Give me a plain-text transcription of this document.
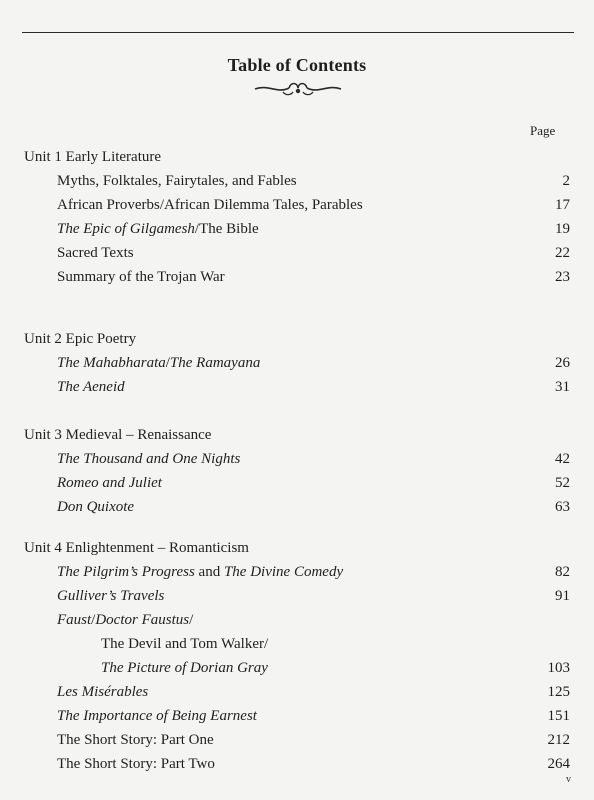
Table of Contents
Page
Unit 1 Early Literature
Myths, Folktales, Fairytales, and Fables	2
African Proverbs/African Dilemma Tales, Parables	17
The Epic of Gilgamesh/The Bible	19
Sacred Texts	22
Summary of the Trojan War	23
Unit 2 Epic Poetry
The Mahabharata/The Ramayana	26
The Aeneid	31
Unit 3 Medieval – Renaissance
The Thousand and One Nights	42
Romeo and Juliet	52
Don Quixote	63
Unit 4 Enlightenment – Romanticism
The Pilgrim’s Progress and The Divine Comedy	82
Gulliver’s Travels	91
Faust/Doctor Faustus/
The Devil and Tom Walker/
The Picture of Dorian Gray	103
Les Misérables	125
The Importance of Being Earnest	151
The Short Story: Part One	212
The Short Story: Part Two	264
v
